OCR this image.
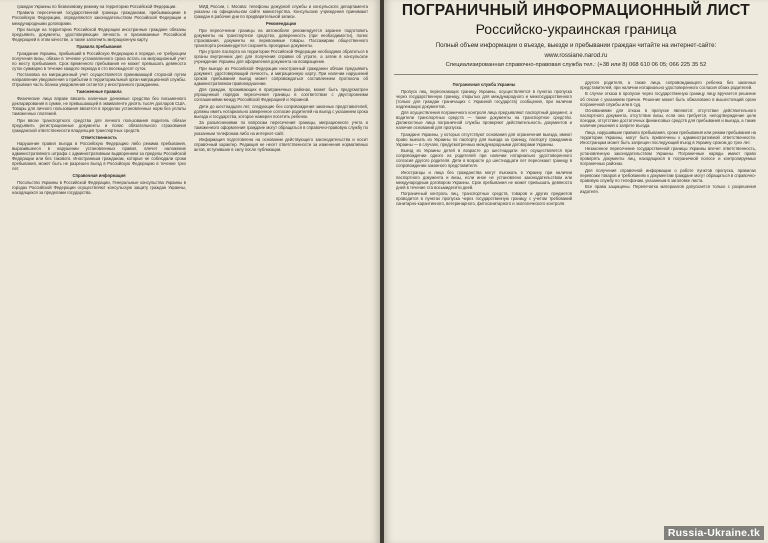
граждан Украины по безвизовому режиму на территорию Российской Федерации.

Правила пересечения государственной границы гражданами, прибывающими в Российскую Федерацию, определяются законодательством Российской Федерации и международными договорами.

При въезде на территорию Российской Федерации иностранные граждане обязаны предъявить документы, удостоверяющие личность и признаваемые Российской Федерацией в этом качестве, а также заполнить миграционную карту.

Правила пребывания

Гражданин Украины, прибывший в Российскую Федерацию в порядке, не требующем получения визы, обязан в течение установленного срока встать на миграционный учет по месту пребывания. Срок временного пребывания не может превышать девяноста суток суммарно в течение каждого периода в сто восемьдесят суток.

Постановка на миграционный учет осуществляется принимающей стороной путем направления уведомления о прибытии в территориальный орган миграционной службы. Отрывная часть бланка уведомления остается у иностранного гражданина.

Таможенные правила

Физические лица вправе ввозить наличные денежные средства без письменного декларирования в сумме, не превышающей в эквиваленте десять тысяч долларов США. Товары для личного пользования ввозятся в пределах установленных норм без уплаты таможенных платежей.

При ввозе транспортного средства для личного пользования водитель обязан предъявить регистрационные документы и полис обязательного страхования гражданской ответственности владельцев транспортных средств.

Ответственность

Нарушение правил въезда в Российскую Федерацию либо режима пребывания, выразившееся в нарушении установленных правил, влечет наложение административного штрафа с административным выдворением за пределы Российской Федерации или без такового. Иностранным гражданам, которые не соблюдали сроки пребывания, может быть не разрешен въезд в Российскую Федерацию в течение трех лет.

Справочная информация

Посольство Украины в Российской Федерации, Генеральные консульства Украины в городах Российской Федерации осуществляют консульскую защиту граждан Украины, находящихся за пределами государства.

МИД России, г. Москва: телефоны дежурной службы и консульского департамента указаны на официальном сайте министерства. Консульские учреждения принимают граждан в рабочие дни по предварительной записи.

Рекомендации

При пересечении границы на автомобиле рекомендуется заранее подготовить документы на транспортное средство, доверенность (при необходимости), полис страхования, документы на перевозимые товары. Пассажирам общественного транспорта рекомендуется сохранять проездные документы.

При утрате паспорта на территории Российской Федерации необходимо обратиться в органы внутренних дел для получения справки об утрате, а затем в консульское учреждение Украины для оформления документа на возвращение.

При выезде из Российской Федерации иностранный гражданин обязан предъявить документ, удостоверяющий личность, и миграционную карту. При наличии нарушений сроков пребывания выезд может сопровождаться составлением протокола об административном правонарушении.

Для граждан, проживающих в приграничных районах, может быть предусмотрен упрощенный порядок пересечения границы в соответствии с двусторонними соглашениями между Российской Федерацией и Украиной.

Дети до шестнадцати лет, следующие без сопровождения законных представителей, должны иметь нотариально заверенное согласие родителей на выезд с указанием срока выезда и государства, которое намерен посетить ребенок.

За разъяснениями по вопросам пересечения границы, миграционного учета и таможенного оформления граждане могут обращаться в справочно-правовую службу по указанным телефонам либо на интернет-сайт.

Информация подготовлена на основании действующего законодательства и носит справочный характер. Редакция не несет ответственности за изменения нормативных актов, вступившие в силу после публикации.

ПОГРАНИЧНЫЙ ИНФОРМАЦИОННЫЙ ЛИСТ
Российско-украинская граница
Полный объем информации о въезде, выезде и пребывании граждан читайте на интернет-сайте:
www.rossiane.narod.ru
Специализированная справочно-правовая служба тел.: (+38 или 8) 068 610 06 05; 066 225 35 52

Пограничная служба Украины

Пропуск лиц, пересекающих границу Украины, осуществляется в пунктах пропуска через государственную границу, открытых для международного и межгосударственного (только для граждан граничащих с Украиной государств) сообщения, при наличии надлежащих документов.

Для осуществления пограничного контроля лица предъявляют паспортный документ, а водители транспортных средств — также документы на транспортное средство. Должностные лица пограничной службы проверяют действительность документов и наличие оснований для пропуска.

Граждане Украины, у которых отсутствуют основания для ограничения выезда, имеют право выехать из Украины по паспорту для выезда за границу, паспорту гражданина Украины — в случаях, предусмотренных международными договорами Украины.

Выезд из Украины детей в возрасте до шестнадцати лет осуществляется при сопровождении одного из родителей при наличии нотариально удостоверенного согласия другого родителя. Дети в возрасте до шестнадцати лет пересекают границу в сопровождении законного представителя.

Иностранцы и лица без гражданства могут въезжать в Украину при наличии паспортного документа и визы, если иное не установлено законодательством или международным договором Украины. Срок пребывания не может превышать девяноста дней в течение ста восьмидесяти дней.

Пограничный контроль лиц, транспортных средств, товаров и других предметов проводится в пунктах пропуска через государственную границу с учетом требований санитарно-карантинного, ветеринарного, фитосанитарного и экологического контроля.

другого родителя, а также лица, сопровождающего ребенка без законных представителей, при наличии нотариально удостоверенного согласия обоих родителей.

В случае отказа в пропуске через государственную границу лицу вручается решение об отказе с указанием причин. Решение может быть обжаловано в вышестоящий орган пограничной службы или в суд.

Основаниями для отказа в пропуске являются: отсутствие действительного паспортного документа, отсутствие визы, если она требуется, неподтверждение цели поездки, отсутствие достаточных финансовых средств для пребывания и выезда, а также наличие решения о запрете въезда.

Лица, нарушившие правила пребывания, сроки пребывания или режим пребывания на территории Украины, могут быть привлечены к административной ответственности. Иностранцам может быть запрещен последующий въезд в Украину сроком до трех лет.

Незаконное пересечение государственной границы Украины влечет ответственность, установленную законодательством Украины. Пограничные наряды имеют право проверять документы лиц, находящихся в пограничной полосе и контролируемых пограничных районах.

Для получения справочной информации о работе пунктов пропуска, правилах перевозки товаров и требованиях к документам граждане могут обращаться в справочно-правовую службу по телефонам, указанным в заголовке листа.

Все права защищены. Перепечатка материалов допускается только с разрешения издателя.

Russia-Ukraine.tk
